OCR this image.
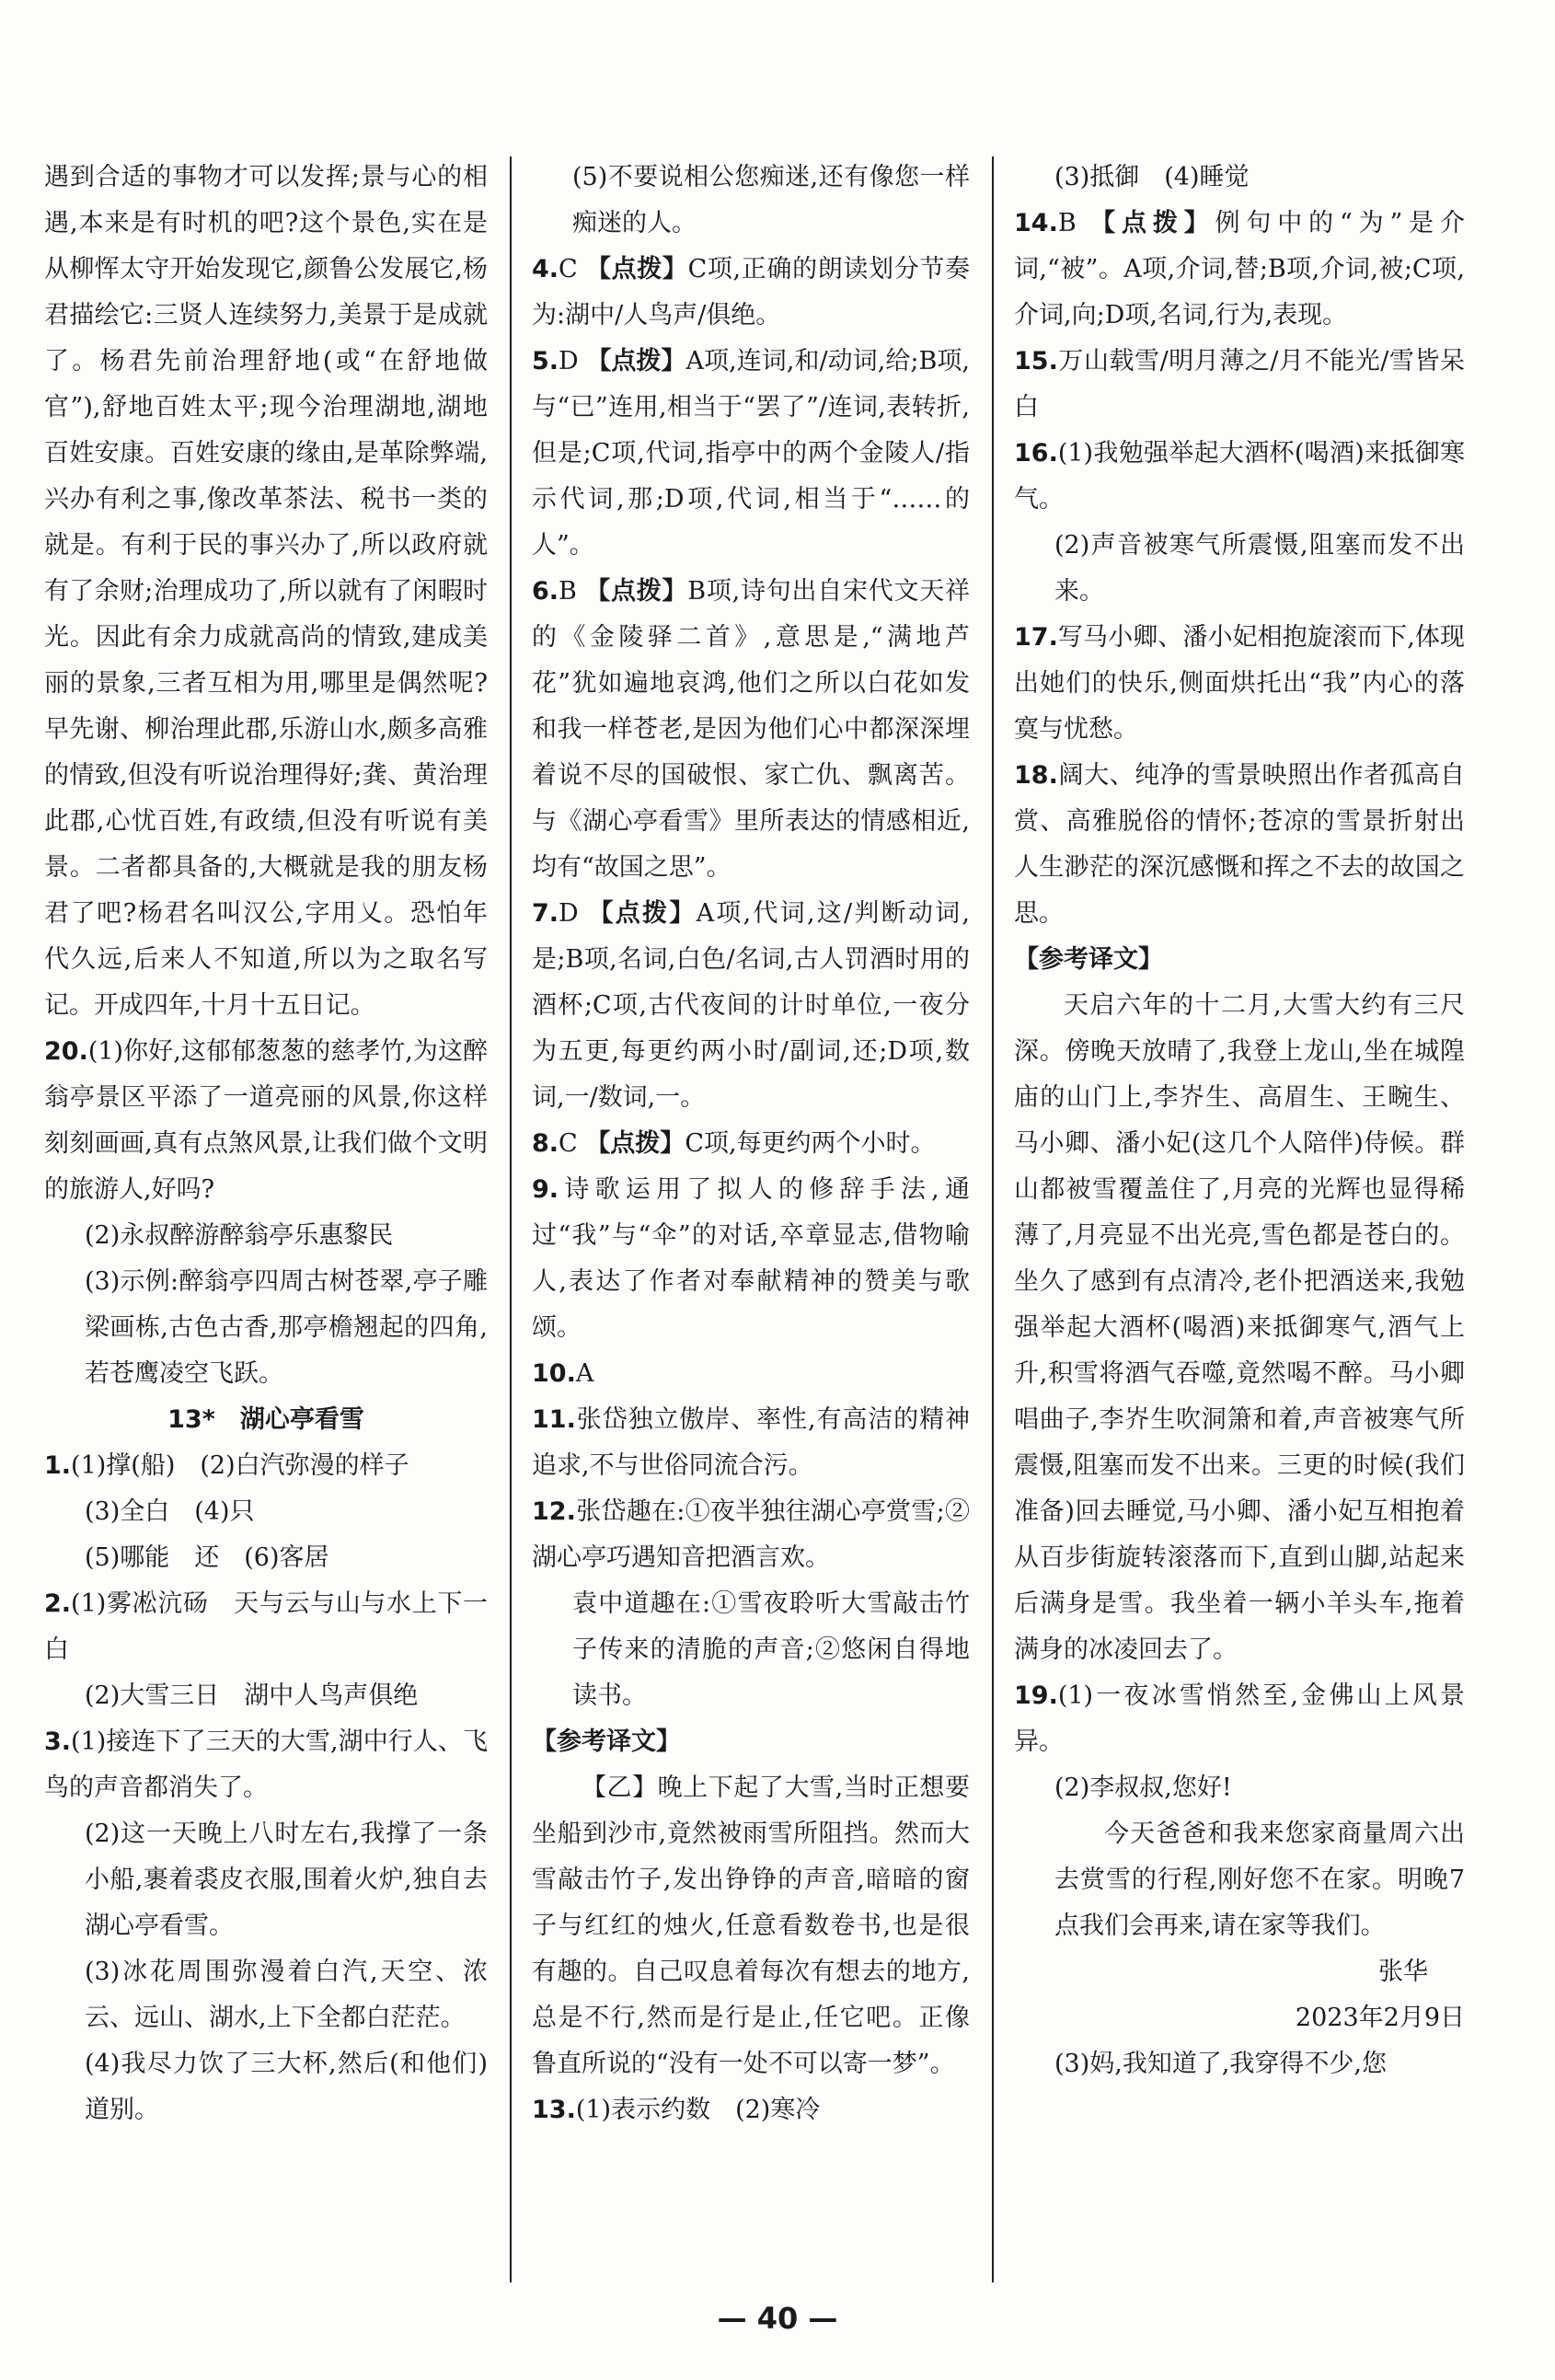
遇到合适的事物才可以发挥;景与心的相遇,本来是有时机的吧?这个景色,实在是从柳恽太守开始发现它,颜鲁公发展它,杨君描绘它:三贤人连续努力,美景于是成就了。杨君先前治理舒地(或“在舒地做官”),舒地百姓太平;现今治理湖地,湖地百姓安康。百姓安康的缘由,是革除弊端,兴办有利之事,像改革茶法、税书一类的就是。有利于民的事兴办了,所以政府就有了余财;治理成功了,所以就有了闲暇时光。因此有余力成就高尚的情致,建成美丽的景象,三者互相为用,哪里是偶然呢?早先谢、柳治理此郡,乐游山水,颇多高雅的情致,但没有听说治理得好;龚、黄治理此郡,心忧百姓,有政绩,但没有听说有美景。二者都具备的,大概就是我的朋友杨君了吧?杨君名叫汉公,字用乂。恐怕年代久远,后来人不知道,所以为之取名写记。开成四年,十月十五日记。

20.(1)你好,这郁郁葱葱的慈孝竹,为这醉翁亭景区平添了一道亮丽的风景,你这样刻刻画画,真有点煞风景,让我们做个文明的旅游人,好吗?

(2)永叔醉游醉翁亭乐惠黎民

(3)示例:醉翁亭四周古树苍翠,亭子雕梁画栋,古色古香,那亭檐翘起的四角,若苍鹰凌空飞跃。

13*　湖心亭看雪

1.(1)撑(船)　(2)白汽弥漫的样子

(3)全白　(4)只

(5)哪能　还　(6)客居

2.(1)雾凇沆砀　天与云与山与水上下一白

(2)大雪三日　湖中人鸟声俱绝

3.(1)接连下了三天的大雪,湖中行人、飞鸟的声音都消失了。

(2)这一天晚上八时左右,我撑了一条小船,裹着裘皮衣服,围着火炉,独自去湖心亭看雪。

(3)冰花周围弥漫着白汽,天空、浓云、远山、湖水,上下全都白茫茫。

(4)我尽力饮了三大杯,然后(和他们)道别。

(5)不要说相公您痴迷,还有像您一样痴迷的人。

4.C 【点拨】C项,正确的朗读划分节奏为:湖中/人鸟声/俱绝。

5.D 【点拨】A项,连词,和/动词,给;B项,与“已”连用,相当于“罢了”/连词,表转折,但是;C项,代词,指亭中的两个金陵人/指示代词,那;D项,代词,相当于“……的人”。

6.B 【点拨】B项,诗句出自宋代文天祥的《金陵驿二首》,意思是,“满地芦花”犹如遍地哀鸿,他们之所以白花如发和我一样苍老,是因为他们心中都深深埋着说不尽的国破恨、家亡仇、飘离苦。与《湖心亭看雪》里所表达的情感相近,均有“故国之思”。

7.D 【点拨】A项,代词,这/判断动词,是;B项,名词,白色/名词,古人罚酒时用的酒杯;C项,古代夜间的计时单位,一夜分为五更,每更约两小时/副词,还;D项,数词,一/数词,一。

8.C 【点拨】C项,每更约两个小时。

9.诗歌运用了拟人的修辞手法,通过“我”与“伞”的对话,卒章显志,借物喻人,表达了作者对奉献精神的赞美与歌颂。

10.A

11.张岱独立傲岸、率性,有高洁的精神追求,不与世俗同流合污。

12.张岱趣在:①夜半独往湖心亭赏雪;②湖心亭巧遇知音把酒言欢。

袁中道趣在:①雪夜聆听大雪敲击竹子传来的清脆的声音;②悠闲自得地读书。

【参考译文】

【乙】晚上下起了大雪,当时正想要坐船到沙市,竟然被雨雪所阻挡。然而大雪敲击竹子,发出铮铮的声音,暗暗的窗子与红红的烛火,任意看数卷书,也是很有趣的。自己叹息着每次有想去的地方,总是不行,然而是行是止,任它吧。正像鲁直所说的“没有一处不可以寄一梦”。

13.(1)表示约数　(2)寒冷

(3)抵御　(4)睡觉

14.B 【点拨】例句中的“为”是介词,“被”。A项,介词,替;B项,介词,被;C项,介词,向;D项,名词,行为,表现。

15.万山载雪/明月薄之/月不能光/雪皆呆白

16.(1)我勉强举起大酒杯(喝酒)来抵御寒气。

(2)声音被寒气所震慑,阻塞而发不出来。

17.写马小卿、潘小妃相抱旋滚而下,体现出她们的快乐,侧面烘托出“我”内心的落寞与忧愁。

18.阔大、纯净的雪景映照出作者孤高自赏、高雅脱俗的情怀;苍凉的雪景折射出人生渺茫的深沉感慨和挥之不去的故国之思。

【参考译文】

天启六年的十二月,大雪大约有三尺深。傍晚天放晴了,我登上龙山,坐在城隍庙的山门上,李岕生、高眉生、王畹生、马小卿、潘小妃(这几个人陪伴)侍候。群山都被雪覆盖住了,月亮的光辉也显得稀薄了,月亮显不出光亮,雪色都是苍白的。坐久了感到有点清冷,老仆把酒送来,我勉强举起大酒杯(喝酒)来抵御寒气,酒气上升,积雪将酒气吞噬,竟然喝不醉。马小卿唱曲子,李岕生吹洞箫和着,声音被寒气所震慑,阻塞而发不出来。三更的时候(我们准备)回去睡觉,马小卿、潘小妃互相抱着从百步街旋转滚落而下,直到山脚,站起来后满身是雪。我坐着一辆小羊头车,拖着满身的冰凌回去了。

19.(1)一夜冰雪悄然至,金佛山上风景异。

(2)李叔叔,您好!

今天爸爸和我来您家商量周六出去赏雪的行程,刚好您不在家。明晚7点我们会再来,请在家等我们。

张华

2023年2月9日

(3)妈,我知道了,我穿得不少,您

— 40 —
